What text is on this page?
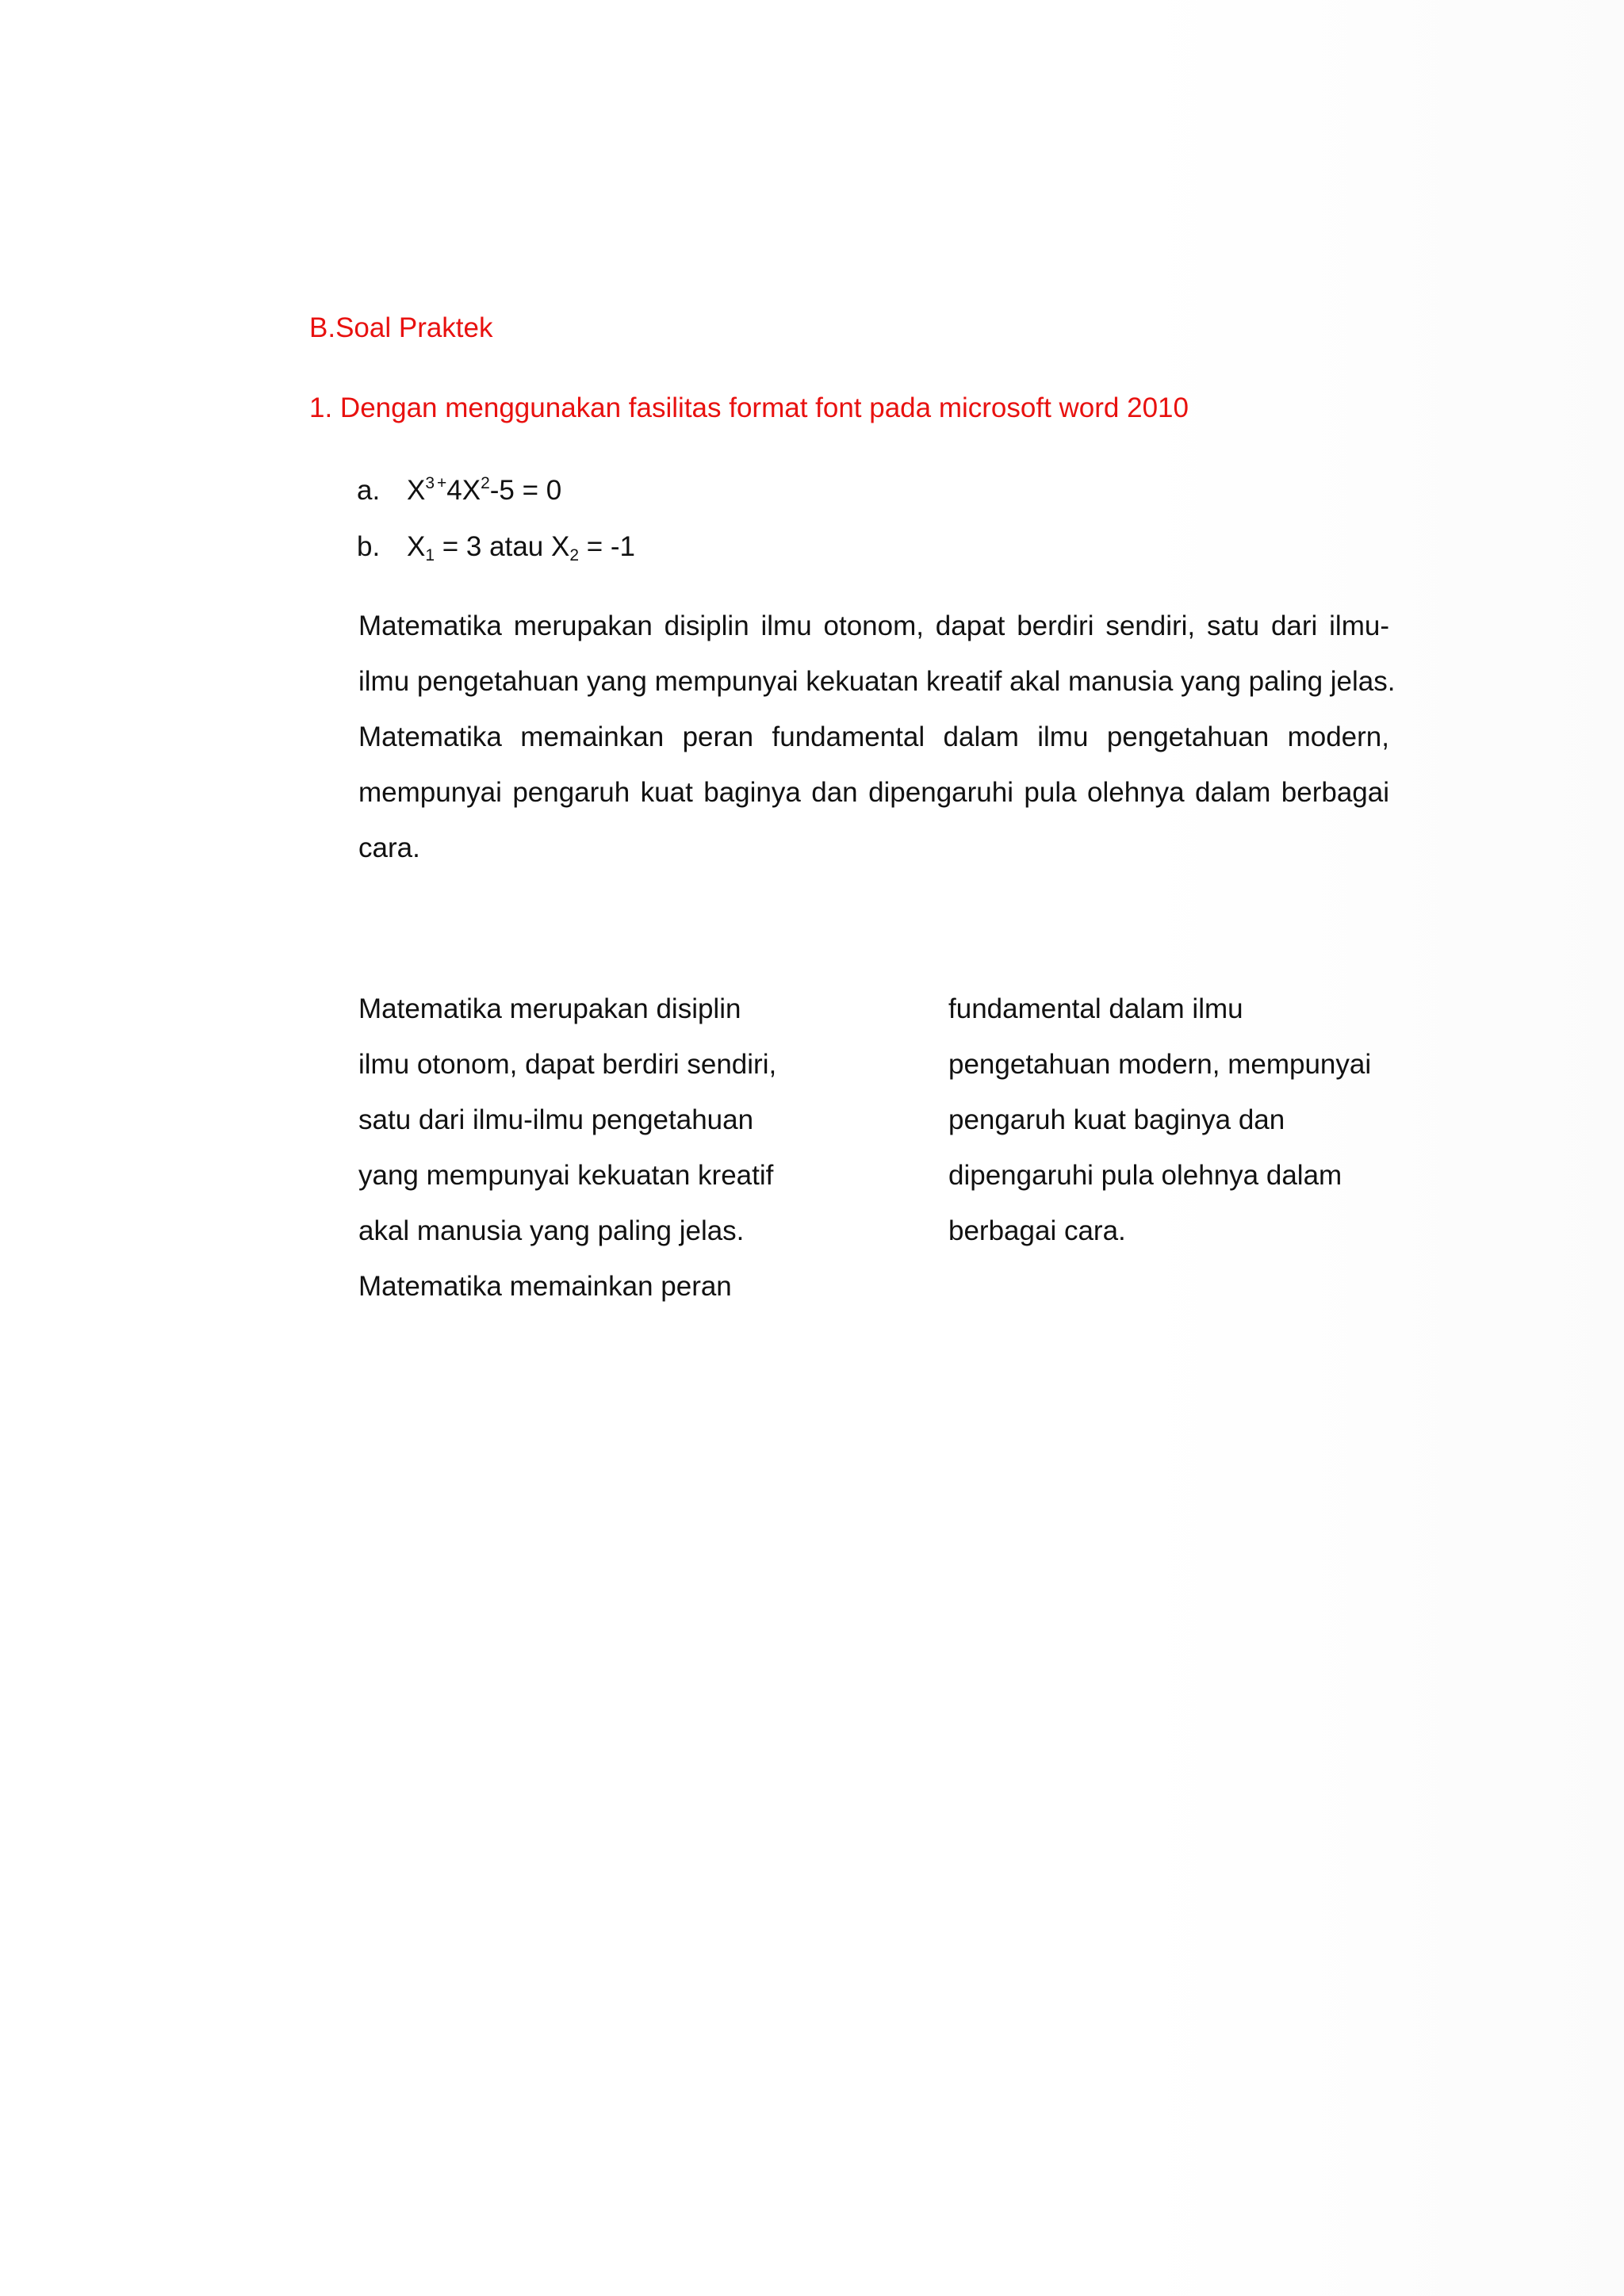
B.Soal Praktek
1. Dengan menggunakan fasilitas format font pada microsoft word 2010
a. $X^3$  $^+4X^2-5 = 0$
b. $X_1 = 3$ atau $X_2 = -1$
Matematika merupakan disiplin ilmu otonom, dapat berdiri sendiri, satu dari ilmu-
ilmu pengetahuan yang mempunyai kekuatan kreatif akal manusia yang paling jelas.
Matematika memainkan peran fundamental dalam ilmu pengetahuan modern,
mempunyai pengaruh kuat baginya dan dipengaruhi pula olehnya dalam berbagai
cara.
Matematika merupakan disiplin
ilmu otonom, dapat berdiri sendiri,
satu dari ilmu-ilmu pengetahuan
yang mempunyai kekuatan kreatif
akal manusia yang paling jelas.
Matematika memainkan peran
fundamental dalam ilmu
pengetahuan modern, mempunyai
pengaruh kuat baginya dan
dipengaruhi pula olehnya dalam
berbagai cara.
